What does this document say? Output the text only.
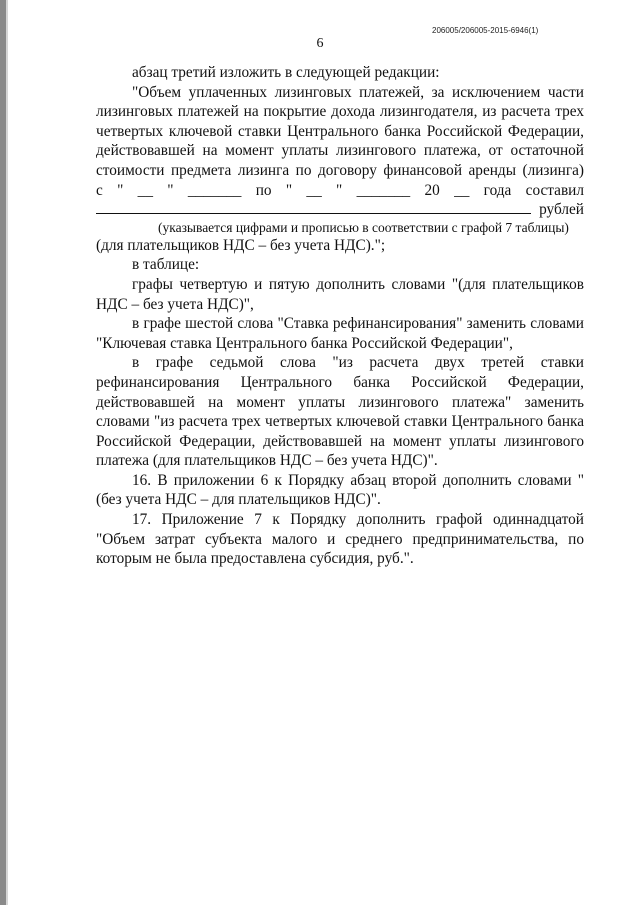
206005/206005-2015-6946(1)
6

абзац третий изложить в следующей редакции:

"Объем уплаченных лизинговых платежей, за исключением части лизинговых платежей на покрытие дохода лизингодателя, из расчета трех четвертых ключевой ставки Центрального банка Российской Федерации, действовавшей на момент уплаты лизингового платежа, от остаточной стоимости предмета лизинга по договору финансовой аренды (лизинга)

с " __ " _______ по " __ " _______ 20 __ года составил
рублей

(указывается цифрами и прописью в соответствии с графой 7 таблицы)

(для плательщиков НДС – без учета НДС).";

в таблице:

графы четвертую и пятую дополнить словами "(для плательщиков НДС – без учета НДС)",

в графе шестой слова "Ставка рефинансирования" заменить словами "Ключевая ставка Центрального банка Российской Федерации",

в графе седьмой слова "из расчета двух третей ставки рефинансирования Центрального банка Российской Федерации, действовавшей на момент уплаты лизингового платежа" заменить словами "из расчета трех четвертых ключевой ставки Центрального банка Российской Федерации, действовавшей на момент уплаты лизингового платежа (для плательщиков НДС – без учета НДС)".

16. В приложении 6 к Порядку абзац второй дополнить словами "(без учета НДС – для плательщиков НДС)".

17. Приложение 7 к Порядку дополнить графой одиннадцатой "Объем затрат субъекта малого и среднего предпринимательства, по которым не была предоставлена субсидия, руб.".
